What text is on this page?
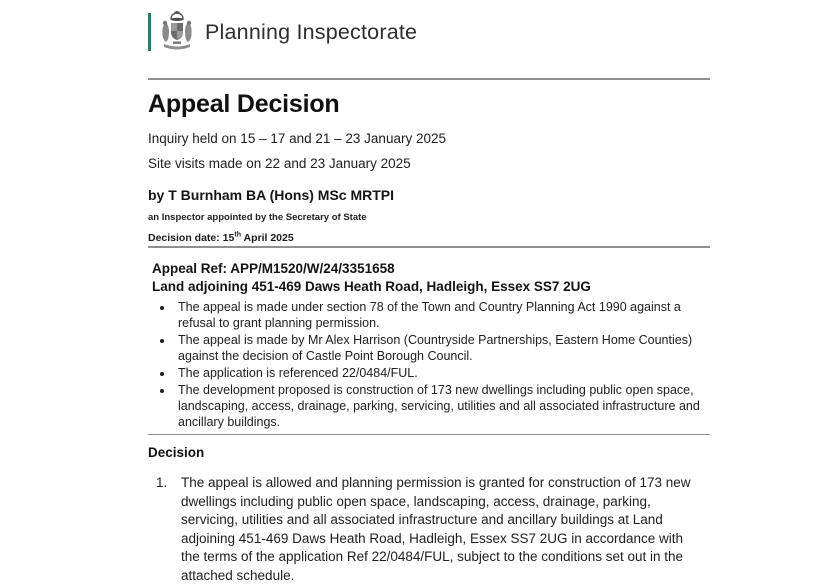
Planning Inspectorate
Appeal Decision

Inquiry held on 15 – 17 and 21 – 23 January 2025

Site visits made on 22 and 23 January 2025

by T Burnham BA (Hons) MSc MRTPI

an Inspector appointed by the Secretary of State

Decision date: 15th April 2025

Appeal Ref: APP/M1520/W/24/3351658

Land adjoining 451-469 Daws Heath Road, Hadleigh, Essex SS7 2UG

• The appeal is made under section 78 of the Town and Country Planning Act 1990 against a refusal to grant planning permission.
• The appeal is made by Mr Alex Harrison (Countryside Partnerships, Eastern Home Counties) against the decision of Castle Point Borough Council.
• The application is referenced 22/0484/FUL.
• The development proposed is construction of 173 new dwellings including public open space, landscaping, access, drainage, parking, servicing, utilities and all associated infrastructure and ancillary buildings.
Decision
1.	The appeal is allowed and planning permission is granted for construction of 173 new dwellings including public open space, landscaping, access, drainage, parking, servicing, utilities and all associated infrastructure and ancillary buildings at Land adjoining 451-469 Daws Heath Road, Hadleigh, Essex SS7 2UG in accordance with the terms of the application Ref 22/0484/FUL, subject to the conditions set out in the attached schedule.
